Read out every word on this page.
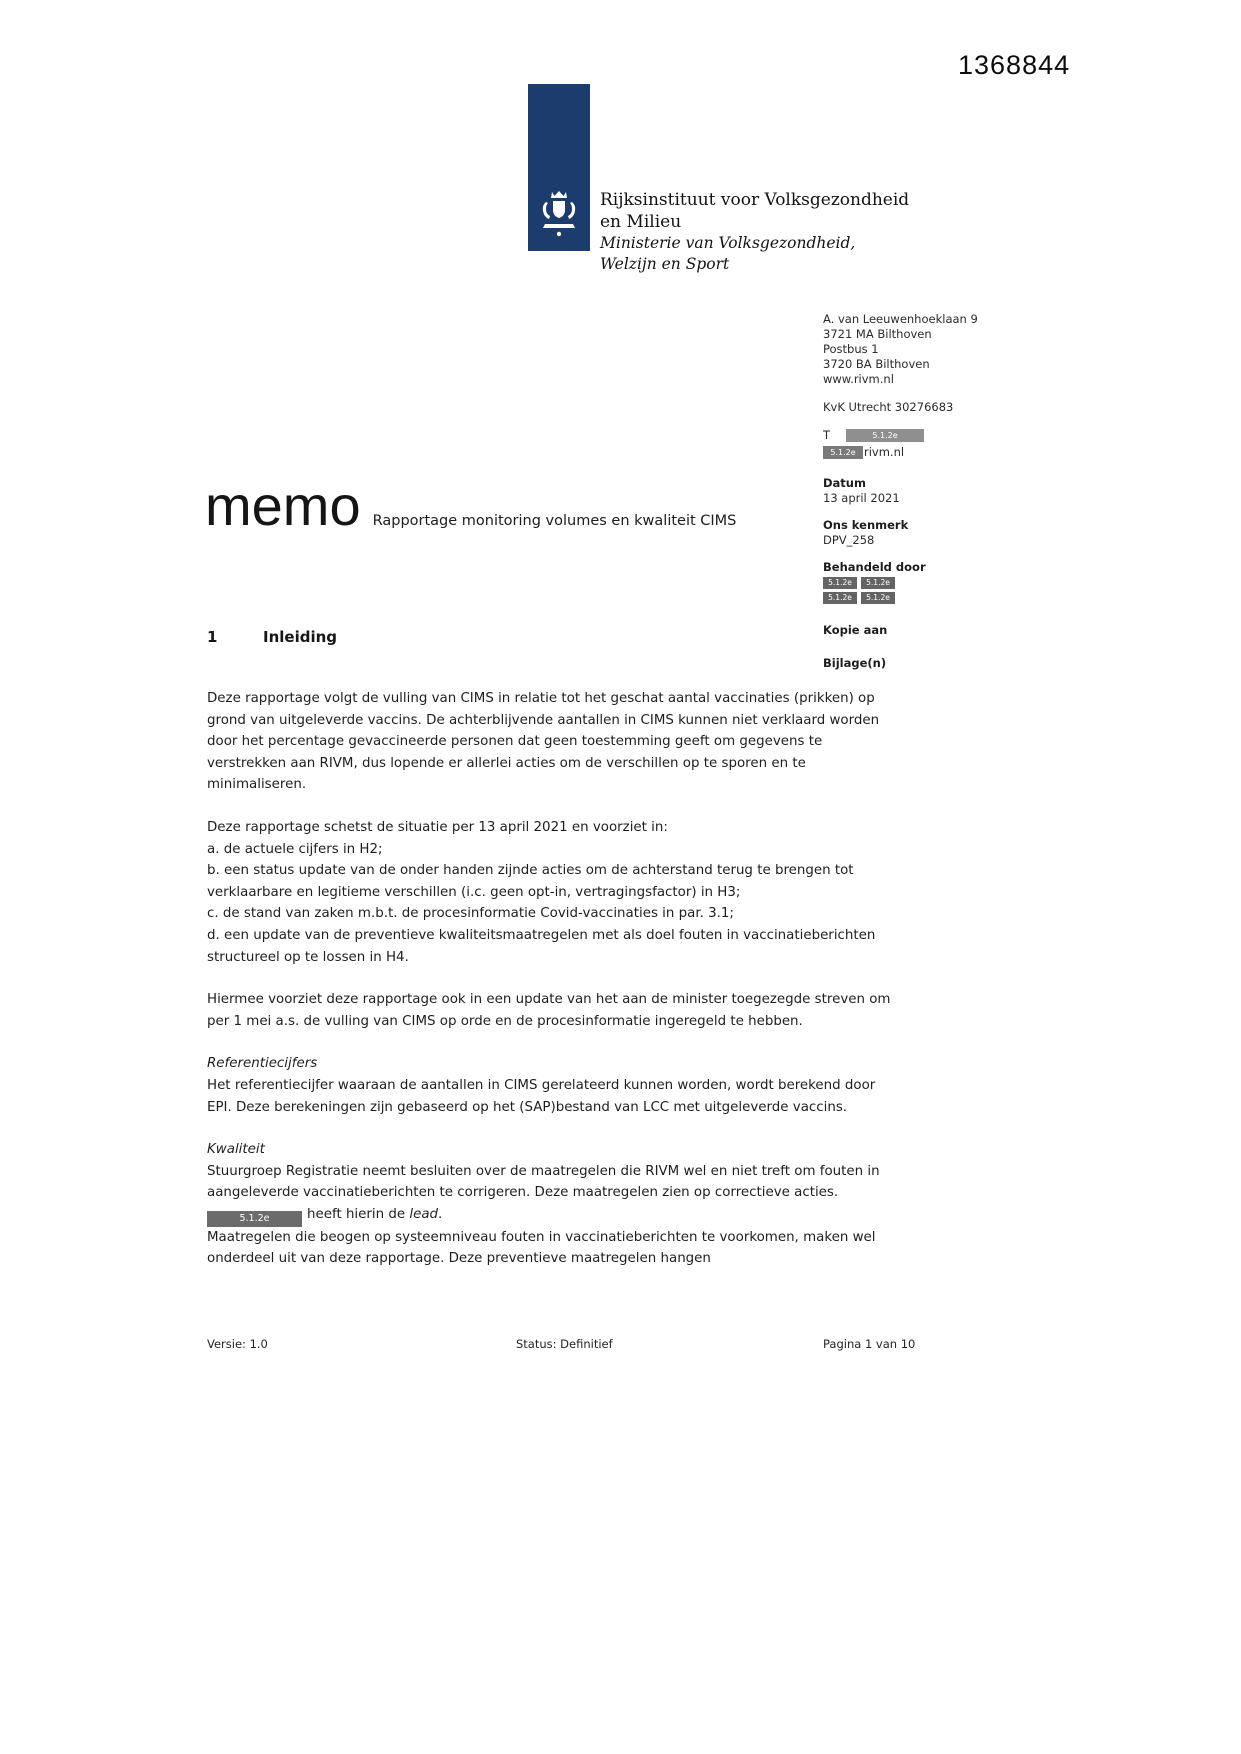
1368844
Rijksinstituut voor Volksgezondheid
en Milieu
Ministerie van Volksgezondheid,
Welzijn en Sport
A. van Leeuwenhoeklaan 9
3721 MA Bilthoven
Postbus 1
3720 BA Bilthoven
www.rivm.nl
KvK Utrecht 30276683
T	5.1.2e
5.1.2e rivm.nl
Datum
13 april 2021
Ons kenmerk
DPV_258
Behandeld door
5.1.2e 5.1.2e
5.1.2e 5.1.2e
Kopie aan
Bijlage(n)
memo Rapportage monitoring volumes en kwaliteit CIMS
1	Inleiding
Deze rapportage volgt de vulling van CIMS in relatie tot het geschat aantal vaccinaties (prikken) op grond van uitgeleverde vaccins. De achterblijvende aantallen in CIMS kunnen niet verklaard worden door het percentage gevaccineerde personen dat geen toestemming geeft om gegevens te verstrekken aan RIVM, dus lopende er allerlei acties om de verschillen op te sporen en te minimaliseren.
Deze rapportage schetst de situatie per 13 april 2021 en voorziet in:
a. de actuele cijfers in H2;
b. een status update van de onder handen zijnde acties om de achterstand terug te brengen tot verklaarbare en legitieme verschillen (i.c. geen opt-in, vertragingsfactor) in H3;
c. de stand van zaken m.b.t. de procesinformatie Covid-vaccinaties in par. 3.1;
d. een update van de preventieve kwaliteitsmaatregelen met als doel fouten in vaccinatieberichten structureel op te lossen in H4.
Hiermee voorziet deze rapportage ook in een update van het aan de minister toegezegde streven om per 1 mei a.s. de vulling van CIMS op orde en de procesinformatie ingeregeld te hebben.
Referentiecijfers
Het referentiecijfer waaraan de aantallen in CIMS gerelateerd kunnen worden, wordt berekend door EPI. Deze berekeningen zijn gebaseerd op het (SAP)bestand van LCC met uitgeleverde vaccins.
Kwaliteit
Stuurgroep Registratie neemt besluiten over de maatregelen die RIVM wel en niet treft om fouten in aangeleverde vaccinatieberichten te corrigeren. Deze maatregelen zien op correctieve acties. 5.1.2e	heeft hierin de lead.
Maatregelen die beogen op systeemniveau fouten in vaccinatieberichten te voorkomen, maken wel onderdeel uit van deze rapportage. Deze preventieve maatregelen hangen
Versie: 1.0	Status: Definitief	Pagina 1 van 10
